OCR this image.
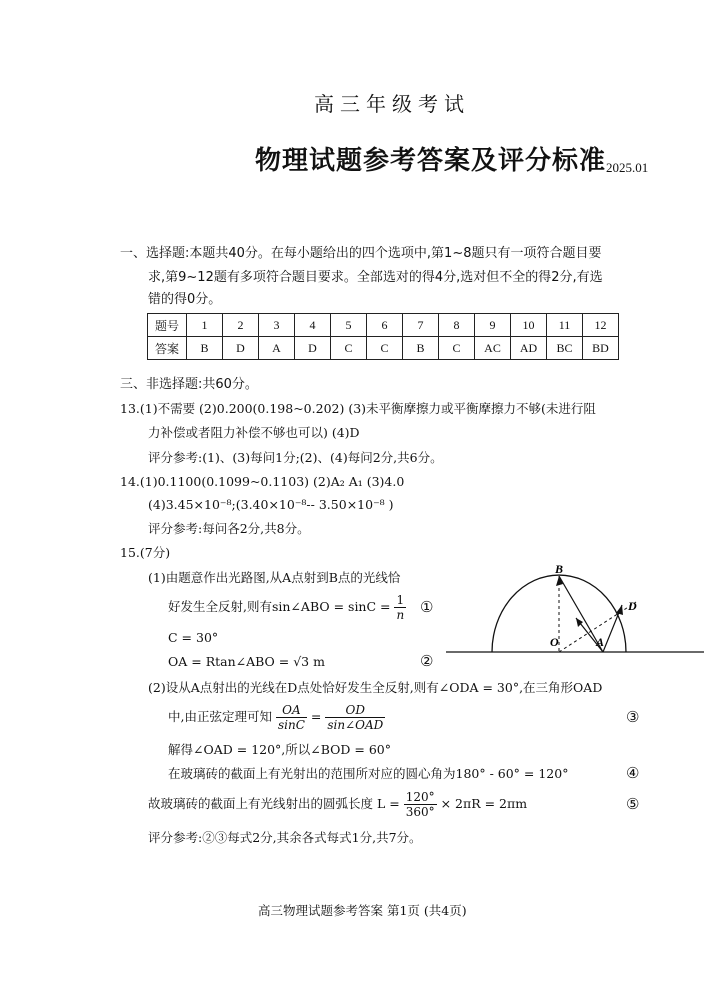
高三年级考试
物理试题参考答案及评分标准 2025.01
一、选择题:本题共40分。在每小题给出的四个选项中,第1~8题只有一项符合题目要
求,第9~12题有多项符合题目要求。全部选对的得4分,选对但不全的得2分,有选
错的得0分。
题号	1	2	3	4	5	6	7	8	9	10	11	12
答案	B	D	A	D	C	C	B	C	AC	AD	BC	BD
三、非选择题:共60分。
13.(1)不需要 (2)0.200(0.198~0.202) (3)未平衡摩擦力或平衡摩擦力不够(未进行阻
力补偿或者阻力补偿不够也可以) (4)D
评分参考:(1)、(3)每问1分;(2)、(4)每问2分,共6分。
14.(1)0.1100(0.1099~0.1103) (2)A₂ A₁ (3)4.0
(4)3.45×10⁻⁸;(3.40×10⁻⁸-- 3.50×10⁻⁸ )
评分参考:每问各2分,共8分。
15.(7分)
(1)由题意作出光路图,从A点射到B点的光线恰
好发生全反射,则有sin∠ABO = $\sin C = \frac{1}{n}$ ①
C = 30°
OA = Rtan∠ABO = √3 m	②
B
D
O	A
(2)设从A点射出的光线在D点处恰好发生全反射,则有∠ODA = 30°,在三角形OAD
中,由正弦定理可知 $\frac{OA}{\sin C} = \frac{OD}{\text{sin∠OAD}}$	③
解得∠OAD = 120°,所以∠BOD = 60°
在玻璃砖的截面上有光射出的范围所对应的圆心角为180° - 60° = 120°	④
故玻璃砖的截面上有光线射出的圆弧长度 $L = \frac{120^\circ}{360^\circ} \times 2\pi R = 2\pi m$	⑤
评分参考:②③每式2分,其余各式每式1分,共7分。
高三物理试题参考答案 第1页 (共4页)
